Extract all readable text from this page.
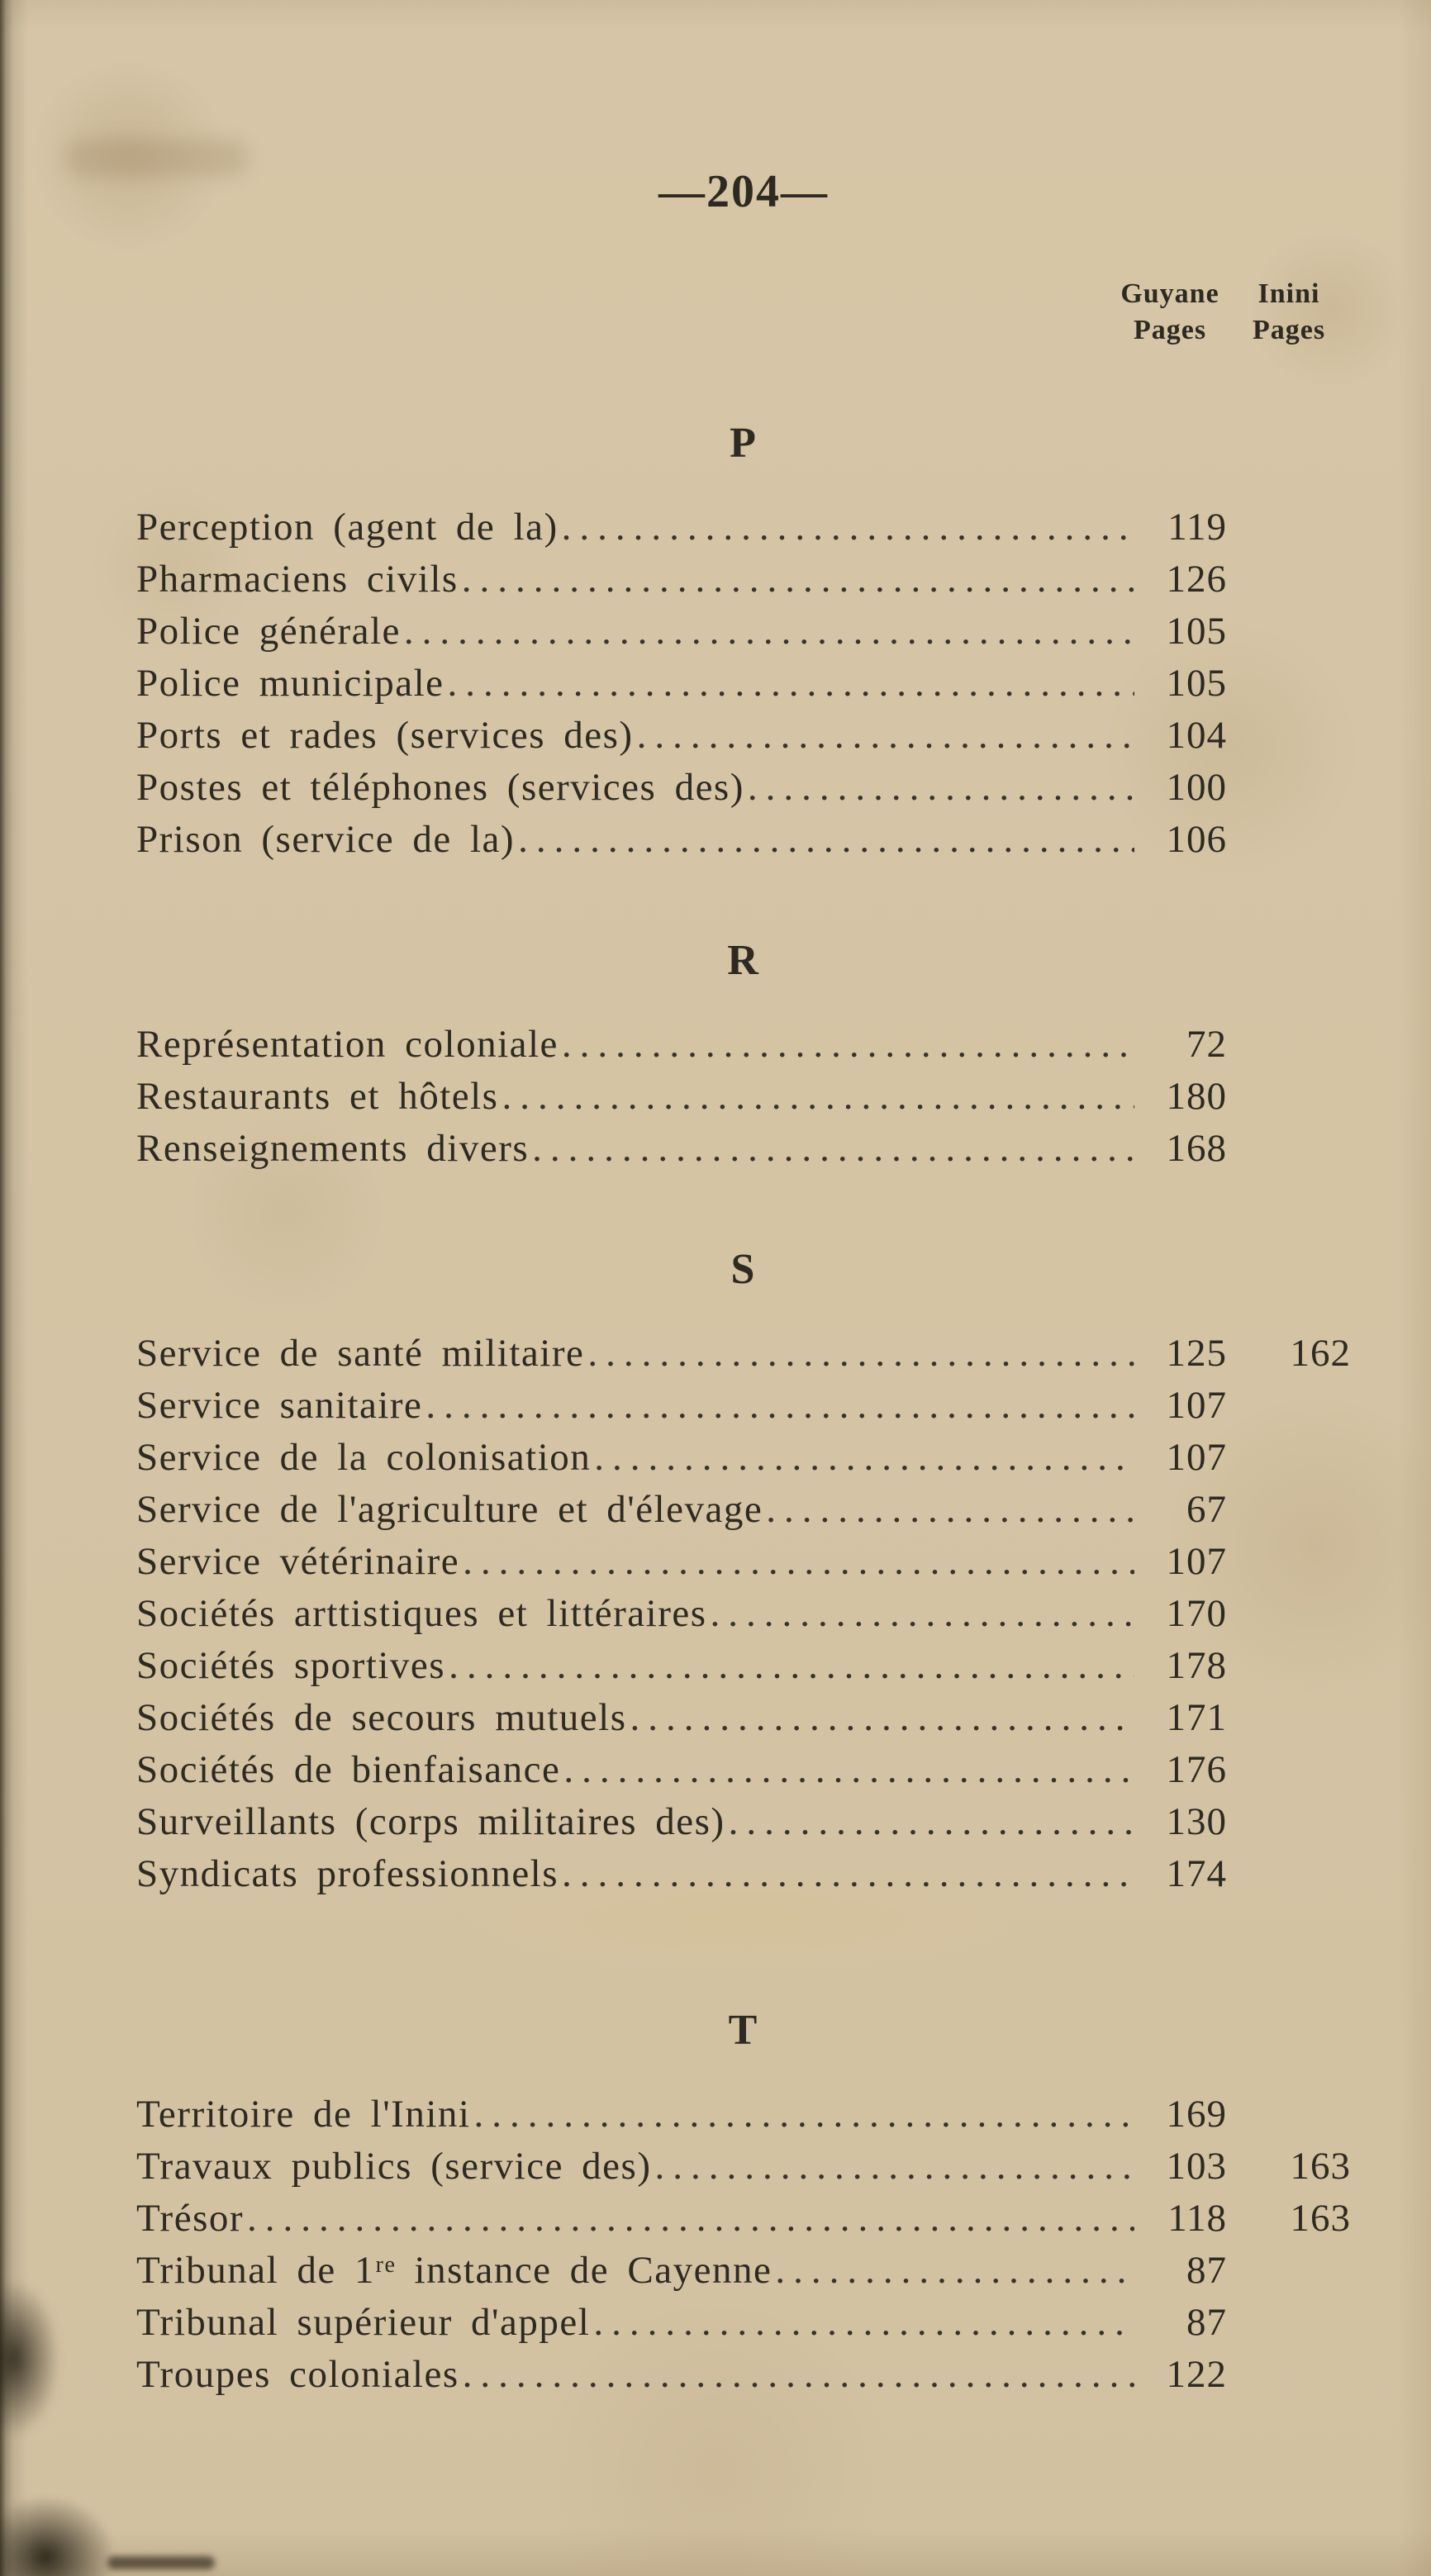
—204—
Guyane
Pages
Inini
Pages
P
Perception (agent de la) .....	119
Pharmaciens civils .....	126
Police générale .....	105
Police municipale .....	105
Ports et rades (services des) .....	104
Postes et téléphones (services des) .....	100
Prison (service de la) .....	106
R
Représentation coloniale .....	72
Restaurants et hôtels .....	180
Renseignements divers .....	168
S
Service de santé militaire .....	125	162
Service sanitaire .....	107
Service de la colonisation .....	107
Service de l'agriculture et d'élevage .....	67
Service vétérinaire .....	107
Sociétés arttistiques et littéraires .....	170
Sociétés sportives .....	178
Sociétés de secours mutuels .....	171
Sociétés de bienfaisance .....	176
Surveillants (corps militaires des) .....	130
Syndicats professionnels .....	174
T
Territoire de l'Inini .....	169
Travaux publics (service des) .....	103	163
Trésor .....	118	163
Tribunal de 1ʳᵉ instance de Cayenne .....	87
Tribunal supérieur d'appel .....	87
Troupes coloniales .....	122
